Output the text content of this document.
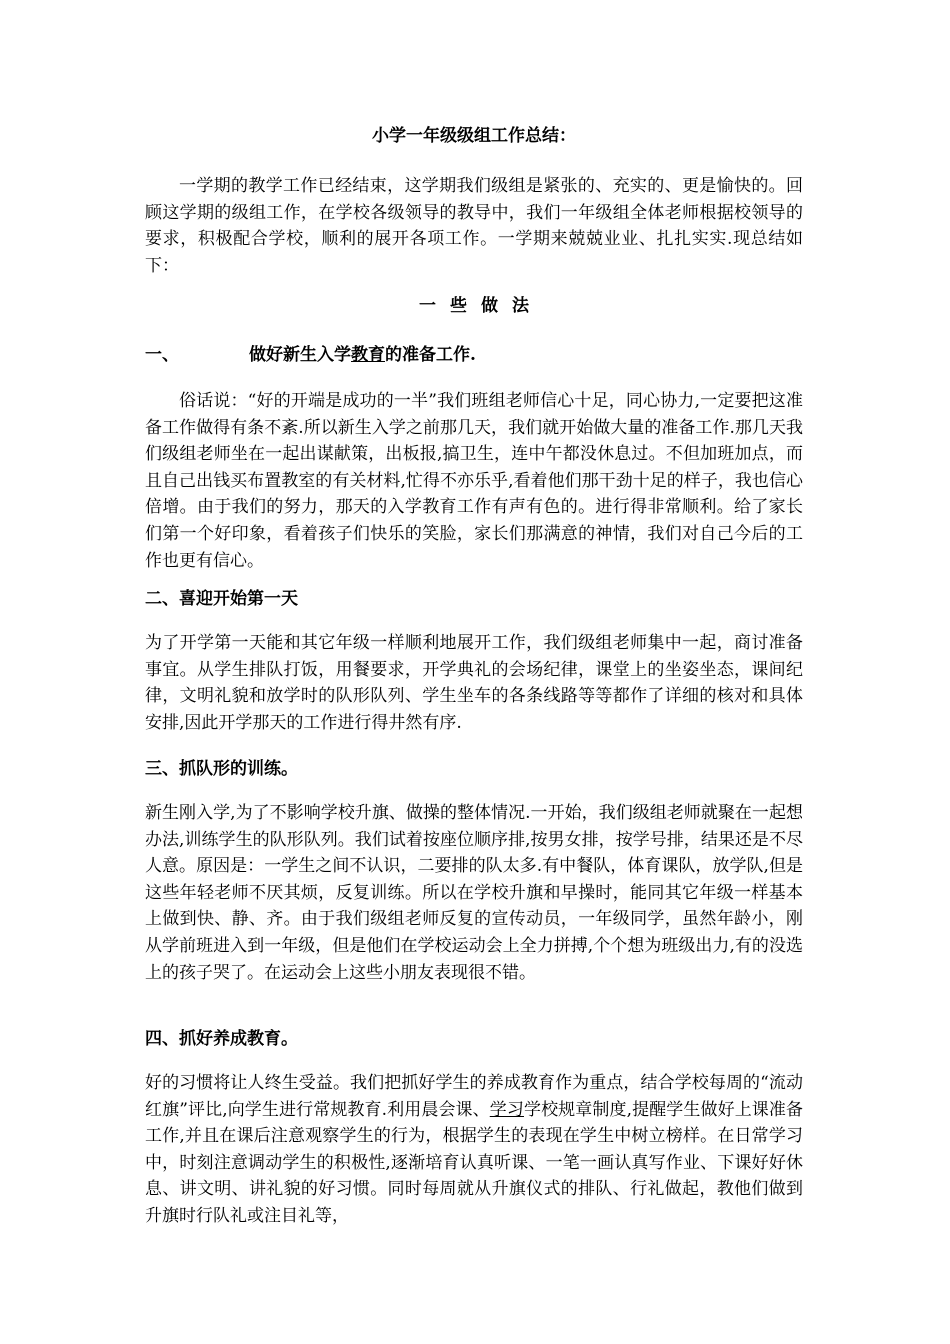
小学一年级级组工作总结：

一学期的教学工作已经结束，这学期我们级组是紧张的、充实的、更是愉快的。回顾这学期的级组工作，在学校各级领导的教导中，我们一年级组全体老师根据校领导的要求，积极配合学校，顺利的展开各项工作。一学期来兢兢业业、扎扎实实.现总结如下：

一些做法
一、	做好新生入学教育的准备工作.

俗话说：“好的开端是成功的一半”我们班组老师信心十足，同心协力,一定要把这准备工作做得有条不紊.所以新生入学之前那几天，我们就开始做大量的准备工作.那几天我们级组老师坐在一起出谋献策，出板报,搞卫生，连中午都没休息过。不但加班加点，而且自己出钱买布置教室的有关材料,忙得不亦乐乎,看着他们那干劲十足的样子，我也信心倍增。由于我们的努力，那天的入学教育工作有声有色的。进行得非常顺利。给了家长们第一个好印象，看着孩子们快乐的笑脸，家长们那满意的神情，我们对自己今后的工作也更有信心。

二、喜迎开始第一天

为了开学第一天能和其它年级一样顺利地展开工作，我们级组老师集中一起，商讨准备事宜。从学生排队打饭，用餐要求，开学典礼的会场纪律，课堂上的坐姿坐态，课间纪律，文明礼貌和放学时的队形队列、学生坐车的各条线路等等都作了详细的核对和具体安排,因此开学那天的工作进行得井然有序.

三、抓队形的训练。

新生刚入学,为了不影响学校升旗、做操的整体情况.一开始，我们级组老师就聚在一起想办法,训练学生的队形队列。我们试着按座位顺序排,按男女排，按学号排，结果还是不尽人意。原因是：一学生之间不认识，二要排的队太多.有中餐队，体育课队，放学队,但是这些年轻老师不厌其烦，反复训练。所以在学校升旗和早操时，能同其它年级一样基本上做到快、静、齐。由于我们级组老师反复的宣传动员，一年级同学，虽然年龄小，刚从学前班进入到一年级，但是他们在学校运动会上全力拼搏,个个想为班级出力,有的没选上的孩子哭了。在运动会上这些小朋友表现很不错。

四、抓好养成教育。

好的习惯将让人终生受益。我们把抓好学生的养成教育作为重点，结合学校每周的“流动红旗”评比,向学生进行常规教育.利用晨会课、学习学校规章制度,提醒学生做好上课准备工作,并且在课后注意观察学生的行为，根据学生的表现在学生中树立榜样。在日常学习中，时刻注意调动学生的积极性,逐渐培育认真听课、一笔一画认真写作业、下课好好休息、讲文明、讲礼貌的好习惯。同时每周就从升旗仪式的排队、行礼做起，教他们做到升旗时行队礼或注目礼等，
